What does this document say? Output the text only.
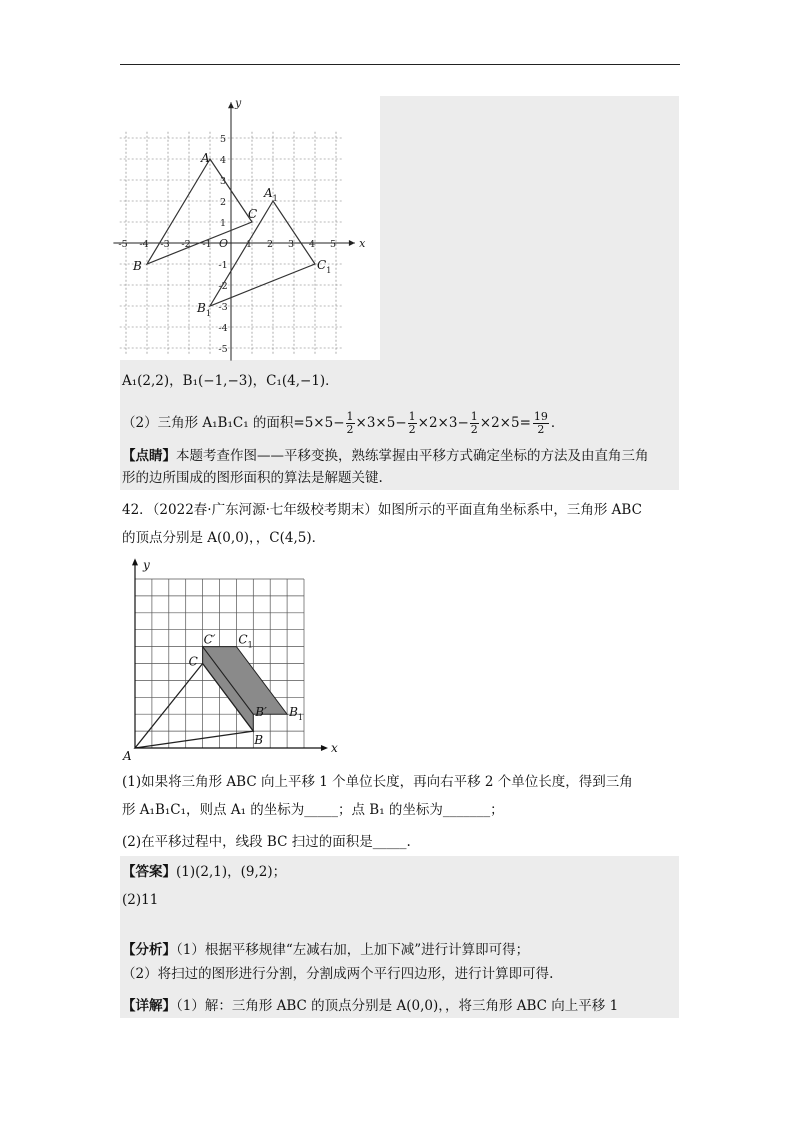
x
y
-5 -4 -3 -2 -1	1 2 3 4 5
5
4
3
2
1
-1
-2
-3
-4
-5
O
A
B
C
$A_1$
$B_1$
$C_1$
A₁(2,2)，B₁(−1,−3)，C₁(4,−1)．
（2）三角形 A₁B₁C₁ 的面积 $=5\times 5- \frac{1}{2} \times 3\times 5- \frac{1}{2} \times 2\times 3- \frac{1}{2} \times 2\times 5= \frac{19}{2}$ ．
【点睛】本题考查作图——平移变换，熟练掌握由平移方式确定坐标的方法及由直角三角
形的边所围成的图形面积的算法是解题关键.
42．（2022春·广东河源·七年级校考期末）如图所示的平面直角坐标系中，三角形 ABC
的顶点分别是 A(0,0)，，C(4,5)．
x
y
A
B
C
B′
C′
$B_1$
$C_1$
(1)如果将三角形 ABC 向上平移 1 个单位长度，再向右平移 2 个单位长度，得到三角
形 A₁B₁C₁，则点 A₁ 的坐标为_____；点 B₁ 的坐标为_______；
(2)在平移过程中，线段 BC 扫过的面积是_____.
【答案】(1)(2,1)，(9,2)；
(2)11
【分析】（1）根据平移规律“左减右加，上加下减”进行计算即可得；
（2）将扫过的图形进行分割，分割成两个平行四边形，进行计算即可得.
【详解】（1）解：三角形 ABC 的顶点分别是 A(0,0)，，将三角形 ABC 向上平移 1
